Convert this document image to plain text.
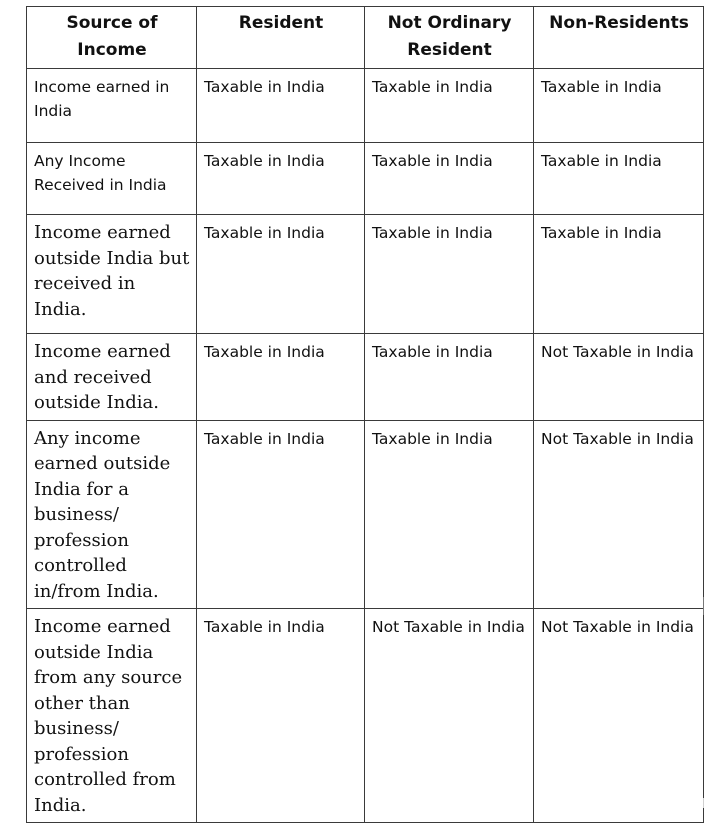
Source of Income	Resident	Not Ordinary Resident	Non-Residents
Income earned in India	Taxable in India	Taxable in India	Taxable in India
Any Income Received in India	Taxable in India	Taxable in India	Taxable in India
Income earned outside India but received in India.	Taxable in India	Taxable in India	Taxable in India
Income earned and received outside India.	Taxable in India	Taxable in India	Not Taxable in India
Any income earned outside India for a business/ profession controlled in/from India.	Taxable in India	Taxable in India	Not Taxable in India
Income earned outside India from any source other than business/ profession controlled from India.	Taxable in India	Not Taxable in India	Not Taxable in India
